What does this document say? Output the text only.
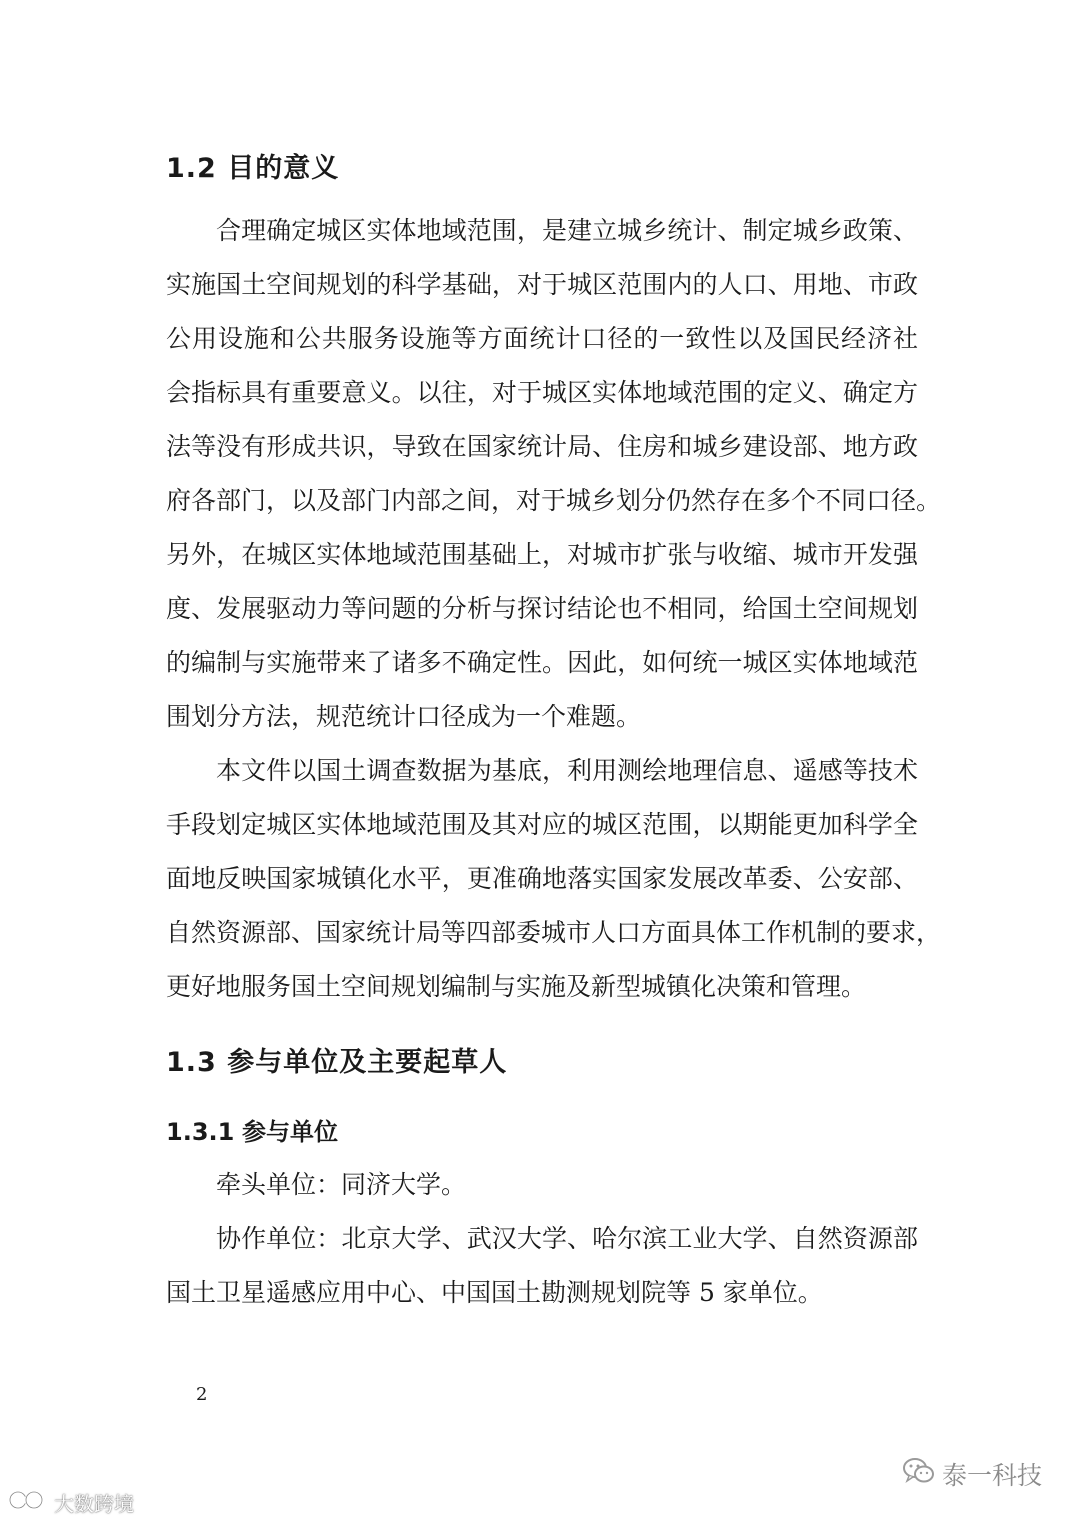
1.2 目的意义
合理确定城区实体地域范围，是建立城乡统计、制定城乡政策、
实施国土空间规划的科学基础，对于城区范围内的人口、用地、市政
公用设施和公共服务设施等方面统计口径的一致性以及国民经济社
会指标具有重要意义。以往，对于城区实体地域范围的定义、确定方
法等没有形成共识，导致在国家统计局、住房和城乡建设部、地方政
府各部门，以及部门内部之间，对于城乡划分仍然存在多个不同口径。
另外，在城区实体地域范围基础上，对城市扩张与收缩、城市开发强
度、发展驱动力等问题的分析与探讨结论也不相同，给国土空间规划
的编制与实施带来了诸多不确定性。因此，如何统一城区实体地域范
围划分方法，规范统计口径成为一个难题。
本文件以国土调查数据为基底，利用测绘地理信息、遥感等技术
手段划定城区实体地域范围及其对应的城区范围，以期能更加科学全
面地反映国家城镇化水平，更准确地落实国家发展改革委、公安部、
自然资源部、国家统计局等四部委城市人口方面具体工作机制的要求，
更好地服务国土空间规划编制与实施及新型城镇化决策和管理。
1.3 参与单位及主要起草人
1.3.1 参与单位
牵头单位：同济大学。
协作单位：北京大学、武汉大学、哈尔滨工业大学、自然资源部
国土卫星遥感应用中心、中国国土勘测规划院等 5 家单位。
2
泰一科技
大数跨境
